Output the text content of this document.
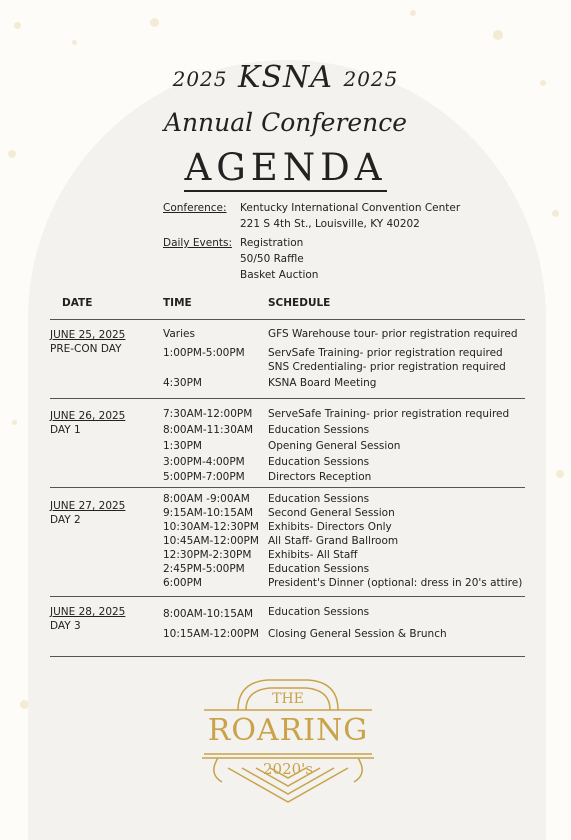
2025 KSNA 2025
Annual Conference
AGENDA
Conference: Kentucky International Convention Center
221 S 4th St., Louisville, KY 40202
Daily Events: Registration
50/50 Raffle
Basket Auction
DATE	TIME	SCHEDULE
JUNE 25, 2025
PRE-CON DAY
Varies	GFS Warehouse tour- prior registration required
1:00PM-5:00PM ServSafe Training- prior registration required
SNS Credentialing- prior registration required
4:30PM	KSNA Board Meeting
JUNE 26, 2025
DAY 1
7:30AM-12:00PM ServeSafe Training- prior registration required
8:00AM-11:30AM Education Sessions
1:30PM	Opening General Session
3:00PM-4:00PM Education Sessions
5:00PM-7:00PM Directors Reception
JUNE 27, 2025
DAY 2
8:00AM -9:00AM Education Sessions
9:15AM-10:15AM Second General Session
10:30AM-12:30PM Exhibits- Directors Only
10:45AM-12:00PM All Staff- Grand Ballroom
12:30PM-2:30PM Exhibits- All Staff
2:45PM-5:00PM Education Sessions
6:00PM	President's Dinner (optional: dress in 20's attire)
JUNE 28, 2025
DAY 3
8:00AM-10:15AM Education Sessions
10:15AM-12:00PM Closing General Session & Brunch
THE
ROARING
2020's
